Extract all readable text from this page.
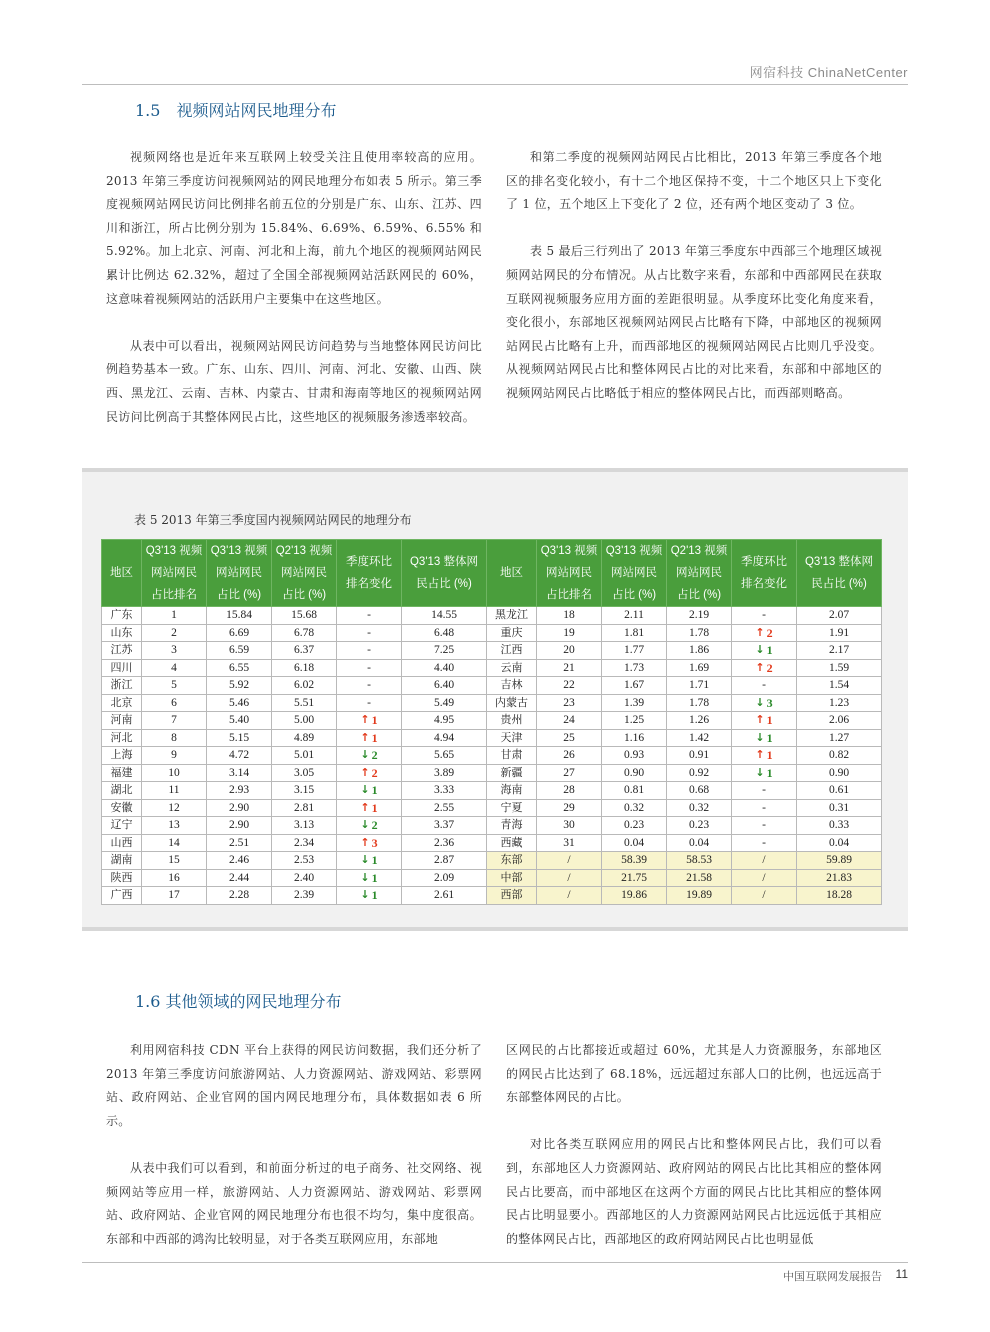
网宿科技 ChinaNetCenter
1.5　视频网站网民地理分布

视频网络也是近年来互联网上较受关注且使用率较高的应用。2013 年第三季度访问视频网站的网民地理分布如表 5 所示。第三季度视频网站网民访问比例排名前五位的分别是广东、山东、江苏、四川和浙江，所占比例分别为 15.84%、6.69%、6.59%、6.55% 和 5.92%。加上北京、河南、河北和上海，前九个地区的视频网站网民累计比例达 62.32%，超过了全国全部视频网站活跃网民的 60%，这意味着视频网站的活跃用户主要集中在这些地区。

从表中可以看出，视频网站网民访问趋势与当地整体网民访问比例趋势基本一致。广东、山东、四川、河南、河北、安徽、山西、陕西、黑龙江、云南、吉林、内蒙古、甘肃和海南等地区的视频网站网民访问比例高于其整体网民占比，这些地区的视频服务渗透率较高。

和第二季度的视频网站网民占比相比，2013 年第三季度各个地区的排名变化较小，有十二个地区保持不变，十二个地区只上下变化了 1 位，五个地区上下变化了 2 位，还有两个地区变动了 3 位。

表 5 最后三行列出了 2013 年第三季度东中西部三个地理区域视频网站网民的分布情况。从占比数字来看，东部和中西部网民在获取互联网视频服务应用方面的差距很明显。从季度环比变化角度来看，变化很小，东部地区视频网站网民占比略有下降，中部地区的视频网站网民占比略有上升，而西部地区的视频网站网民占比则几乎没变。从视频网站网民占比和整体网民占比的对比来看，东部和中部地区的视频网站网民占比略低于相应的整体网民占比，而西部则略高。

表 5 2013 年第三季度国内视频网站网民的地理分布
地区	Q3'13 视频
网站网民
占比排名	Q3'13 视频
网站网民
占比 (%)	Q2'13 视频
网站网民
占比 (%)	季度环比
排名变化	Q3'13 整体网
民占比 (%)	地区	Q3'13 视频
网站网民
占比排名	Q3'13 视频
网站网民
占比 (%)	Q2'13 视频
网站网民
占比 (%)	季度环比
排名变化	Q3'13 整体网
民占比 (%)

广东	1	15.84	15.68	-	14.55	黑龙江	18	2.11	2.19	-	2.07
山东	2	6.69	6.78	-	6.48	重庆	19	1.81	1.78	↑ 2	1.91
江苏	3	6.59	6.37	-	7.25	江西	20	1.77	1.86	↓ 1	2.17
四川	4	6.55	6.18	-	4.40	云南	21	1.73	1.69	↑ 2	1.59
浙江	5	5.92	6.02	-	6.40	吉林	22	1.67	1.71	-	1.54
北京	6	5.46	5.51	-	5.49	内蒙古	23	1.39	1.78	↓ 3	1.23
河南	7	5.40	5.00	↑ 1	4.95	贵州	24	1.25	1.26	↑ 1	2.06
河北	8	5.15	4.89	↑ 1	4.94	天津	25	1.16	1.42	↓ 1	1.27
上海	9	4.72	5.01	↓ 2	5.65	甘肃	26	0.93	0.91	↑ 1	0.82
福建	10	3.14	3.05	↑ 2	3.89	新疆	27	0.90	0.92	↓ 1	0.90
湖北	11	2.93	3.15	↓ 1	3.33	海南	28	0.81	0.68	-	0.61
安徽	12	2.90	2.81	↑ 1	2.55	宁夏	29	0.32	0.32	-	0.31
辽宁	13	2.90	3.13	↓ 2	3.37	青海	30	0.23	0.23	-	0.33
山西	14	2.51	2.34	↑ 3	2.36	西藏	31	0.04	0.04	-	0.04
湖南	15	2.46	2.53	↓ 1	2.87	东部	/	58.39	58.53	/	59.89
陕西	16	2.44	2.40	↓ 1	2.09	中部	/	21.75	21.58	/	21.83
广西	17	2.28	2.39	↓ 1	2.61	西部	/	19.86	19.89	/	18.28
1.6 其他领域的网民地理分布

利用网宿科技 CDN 平台上获得的网民访问数据，我们还分析了 2013 年第三季度访问旅游网站、人力资源网站、游戏网站、彩票网站、政府网站、企业官网的国内网民地理分布，具体数据如表 6 所示。

从表中我们可以看到，和前面分析过的电子商务、社交网络、视频网站等应用一样，旅游网站、人力资源网站、游戏网站、彩票网站、政府网站、企业官网的网民地理分布也很不均匀，集中度很高。东部和中西部的鸿沟比较明显，对于各类互联网应用，东部地

区网民的占比都接近或超过 60%，尤其是人力资源服务，东部地区的网民占比达到了 68.18%，远远超过东部人口的比例，也远远高于东部整体网民的占比。

对比各类互联网应用的网民占比和整体网民占比，我们可以看到，东部地区人力资源网站、政府网站的网民占比比其相应的整体网民占比要高，而中部地区在这两个方面的网民占比比其相应的整体网民占比明显要小。西部地区的人力资源网站网民占比远远低于其相应的整体网民占比，西部地区的政府网站网民占比也明显低

中国互联网发展报告 11
